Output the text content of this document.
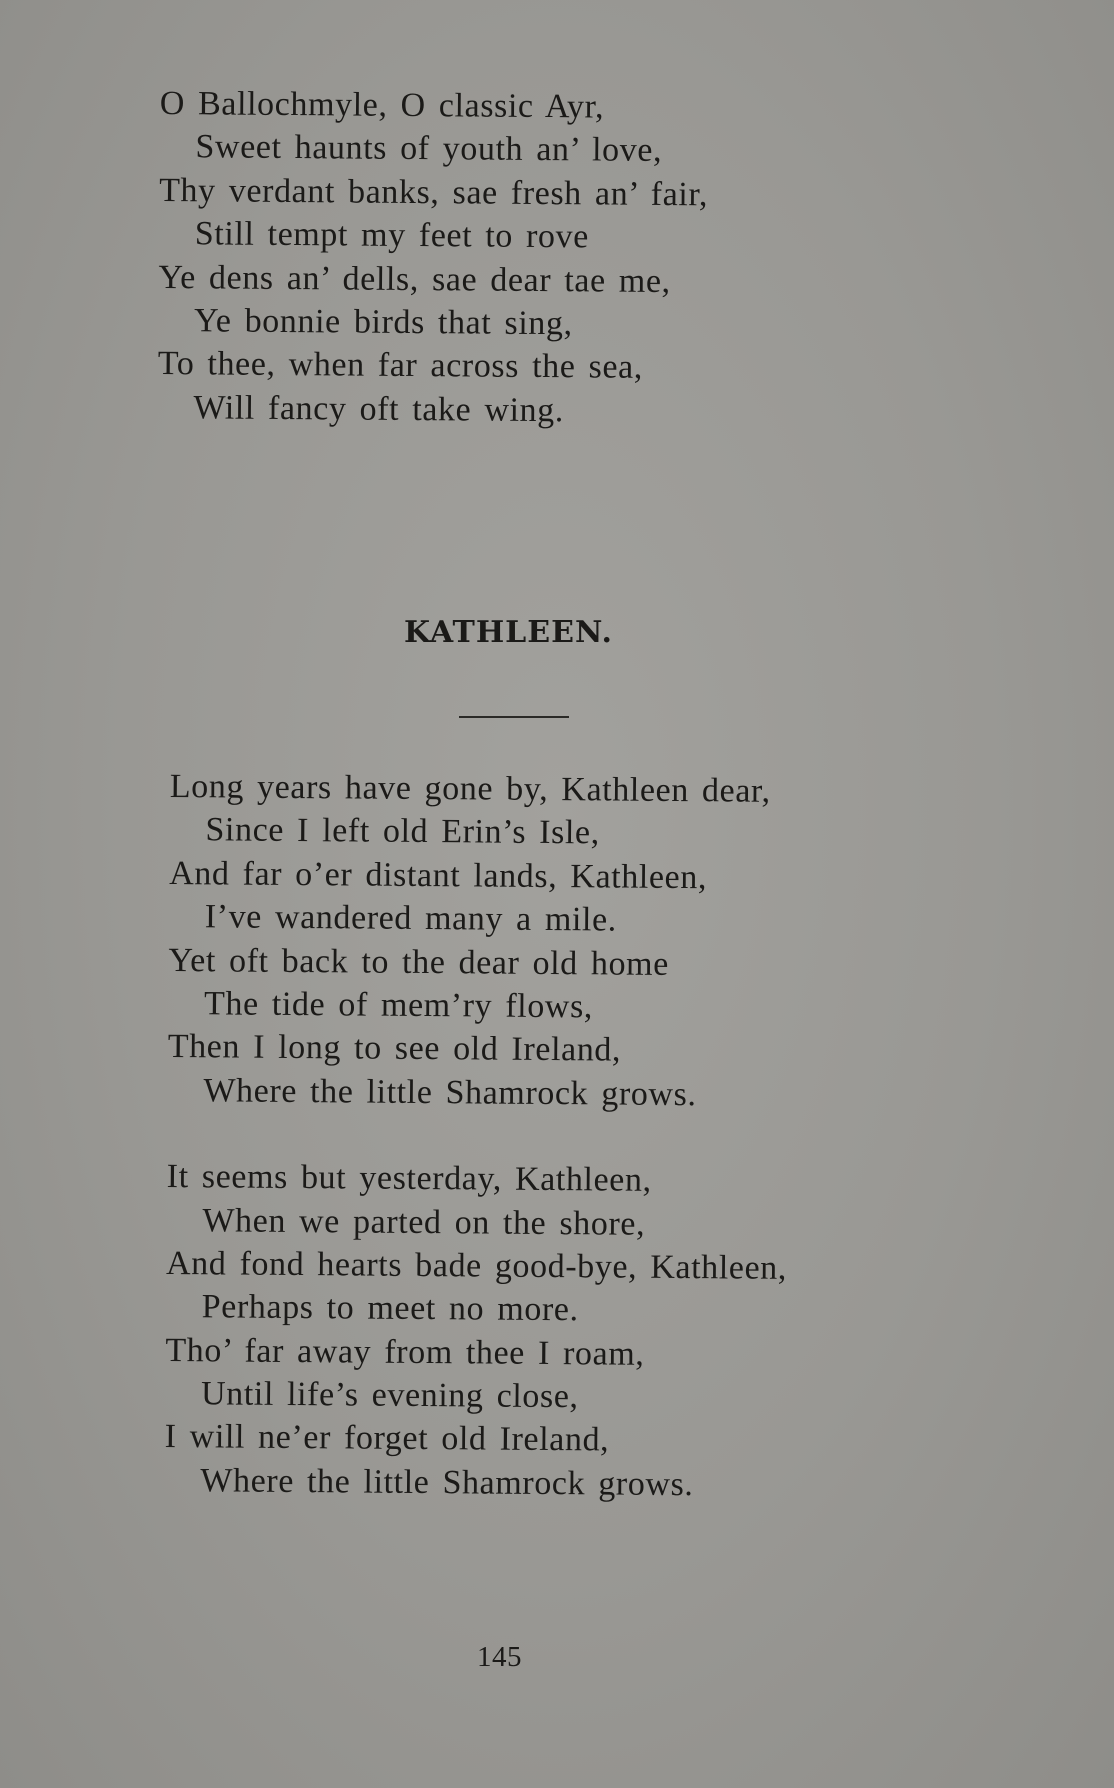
O Ballochmyle, O classic Ayr,
Sweet haunts of youth an’ love,
Thy verdant banks, sae fresh an’ fair,
Still tempt my feet to rove
Ye dens an’ dells, sae dear tae me,
Ye bonnie birds that sing,
To thee, when far across the sea,
Will fancy oft take wing.
KATHLEEN.
Long years have gone by, Kathleen dear,
Since I left old Erin’s Isle,
And far o’er distant lands, Kathleen,
I’ve wandered many a mile.
Yet oft back to the dear old home
The tide of mem’ry flows,
Then I long to see old Ireland,
Where the little Shamrock grows.
It seems but yesterday, Kathleen,
When we parted on the shore,
And fond hearts bade good-bye, Kathleen,
Perhaps to meet no more.
Tho’ far away from thee I roam,
Until life’s evening close,
I will ne’er forget old Ireland,
Where the little Shamrock grows.
145
